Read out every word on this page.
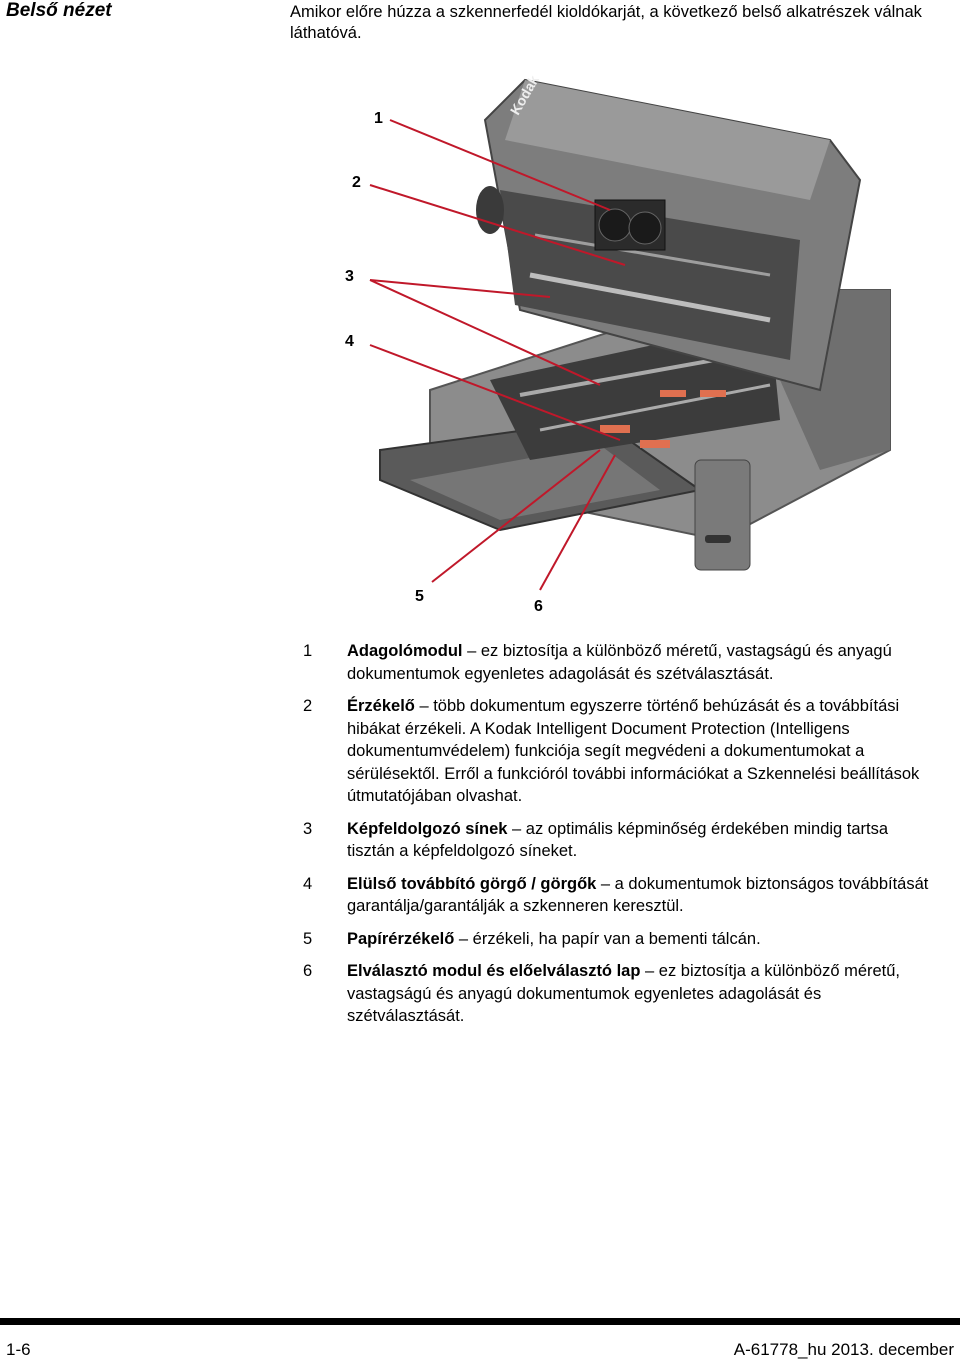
Belső nézet	Amikor előre húzza a szkennerfedél kioldókarját, a következő belső alkatrészek válnak láthatóvá.
Kodak
1
2
3
4
5
6
1 Adagolómodul – ez biztosítja a különböző méretű, vastagságú és anyagú dokumentumok egyenletes adagolását és szétválasztását.
2 Érzékelő – több dokumentum egyszerre történő behúzását és a továbbítási hibákat érzékeli. A Kodak Intelligent Document Protection (Intelligens dokumentumvédelem) funkciója segít megvédeni a dokumentumokat a sérülésektől. Erről a funkcióról további információkat a Szkennelési beállítások útmutatójában olvashat.
3 Képfeldolgozó sínek – az optimális képminőség érdekében mindig tartsa tisztán a képfeldolgozó síneket.
4 Elülső továbbító görgő / görgők – a dokumentumok biztonságos továbbítását garantálja/garantálják a szkenneren keresztül.
5 Papírérzékelő – érzékeli, ha papír van a bementi tálcán.
6 Elválasztó modul és előelválasztó lap – ez biztosítja a különböző méretű, vastagságú és anyagú dokumentumok egyenletes adagolását és szétválasztását.
1-6	A-61778_hu 2013. december
